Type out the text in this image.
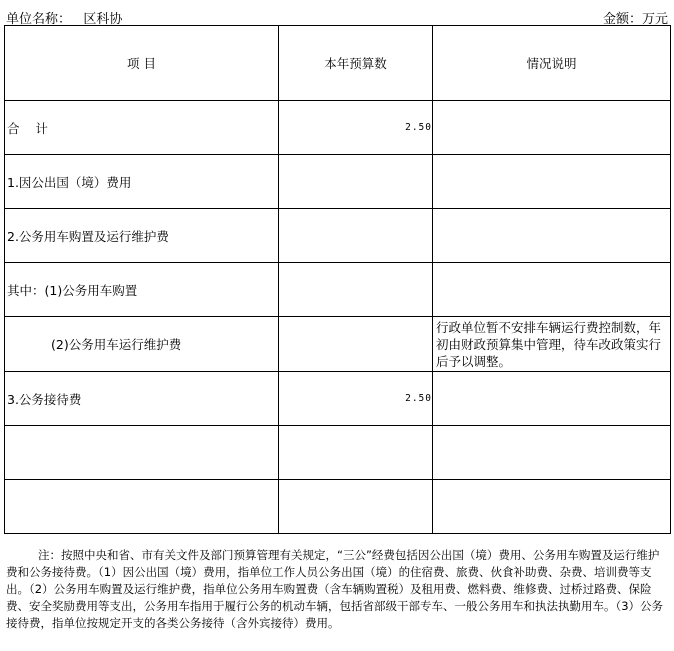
单位名称：   区科协	金额：万元
项 目	本年预算数	情况说明

合    计	2.50	

1.因公出国（境）费用		

2.公务用车购置及运行维护费		

其中：(1)公务用车购置		

(2)公务用车运行维护费		行政单位暂不安排车辆运行费控制数，年初由财政预算集中管理，待车改政策实行后予以调整。

3.公务接待费	2.50	

注：按照中央和省、市有关文件及部门预算管理有关规定，“三公”经费包括因公出国（境）费用、公务用车购置及运行维护费和公务接待费。（1）因公出国（境）费用，指单位工作人员公务出国（境）的住宿费、旅费、伙食补助费、杂费、培训费等支出。（2）公务用车购置及运行维护费，指单位公务用车购置费（含车辆购置税）及租用费、燃料费、维修费、过桥过路费、保险费、安全奖励费用等支出，公务用车指用于履行公务的机动车辆，包括省部级干部专车、一般公务用车和执法执勤用车。（3）公务接待费，指单位按规定开支的各类公务接待（含外宾接待）费用。
